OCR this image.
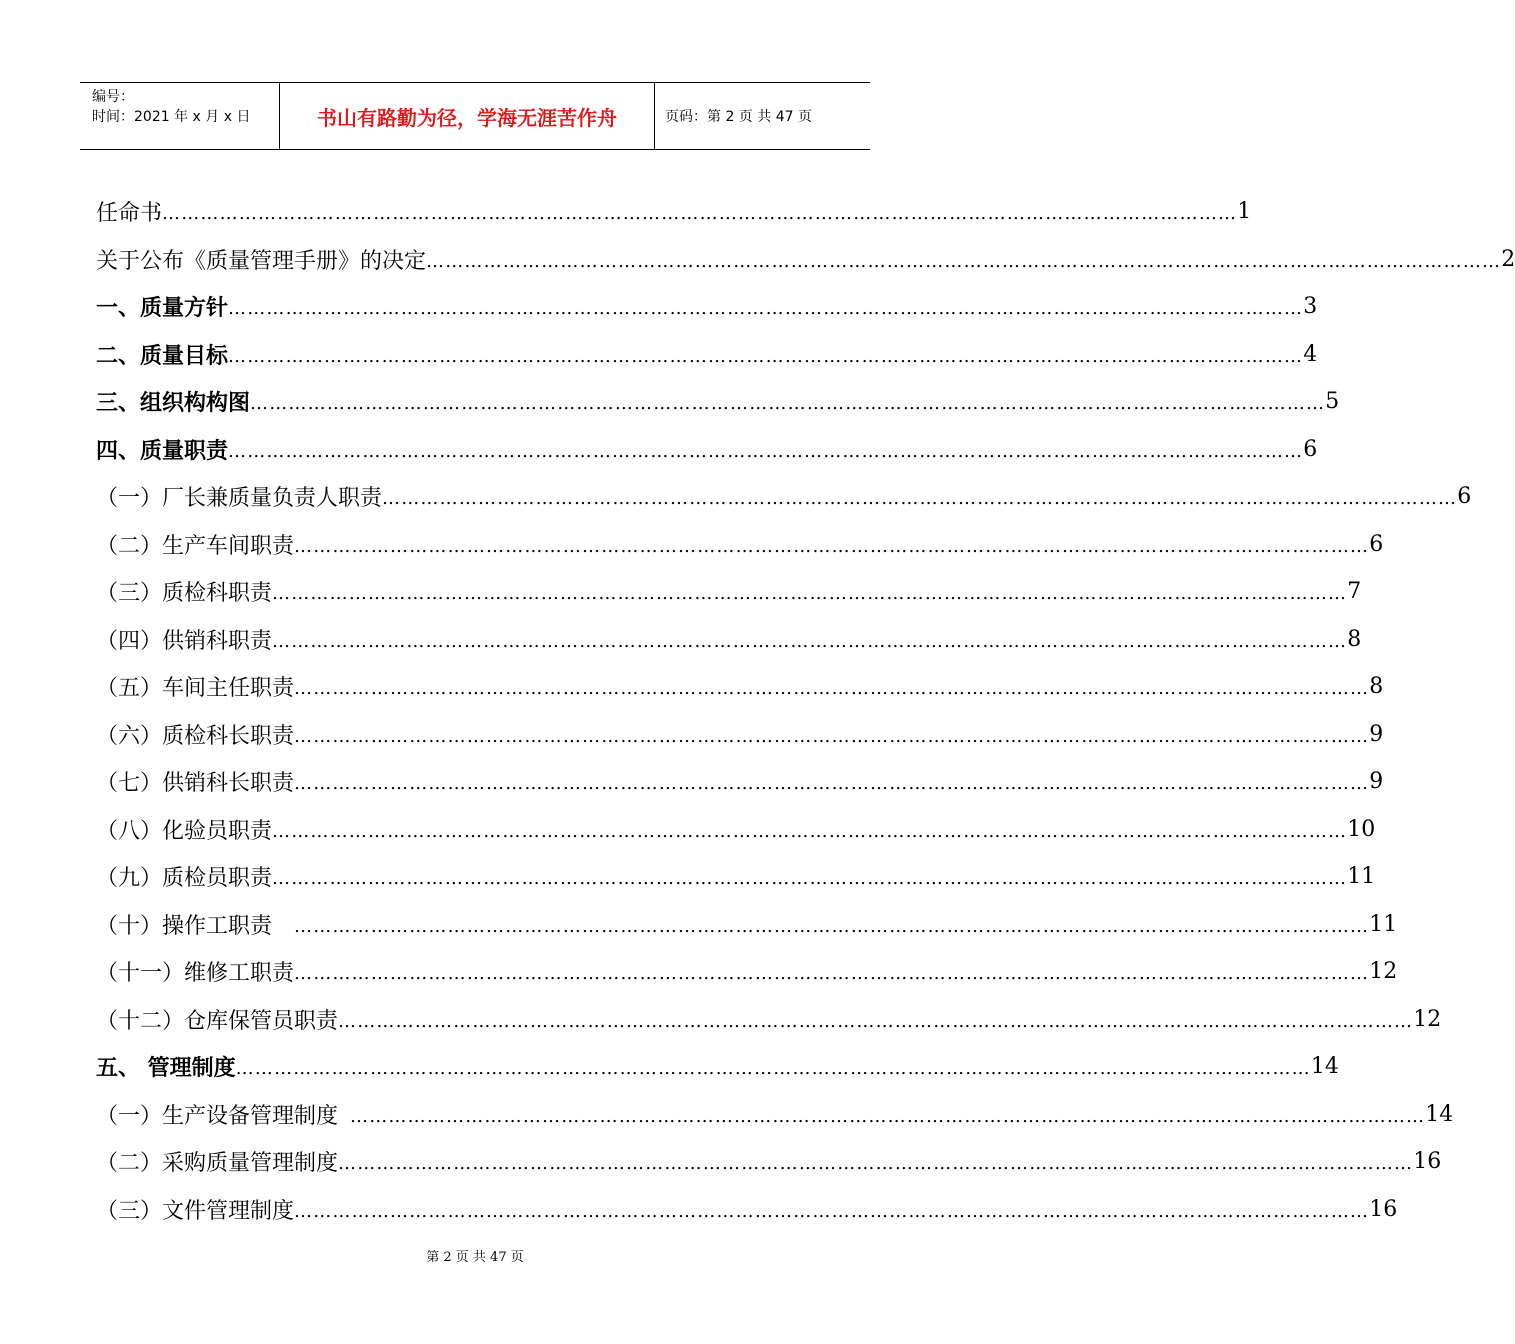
编号：
时间：2021 年 x 月 x 日	书山有路勤为径，学海无涯苦作舟	页码：第 2 页 共 47 页
任命书 …………………………………………………………………………………………………………………………………………………… 1
关于公布《质量管理手册》的决定 …………………………………………………………………………………………………………………………………………………… 2
一、质量方针 …………………………………………………………………………………………………………………………………………………… 3
二、质量目标 …………………………………………………………………………………………………………………………………………………… 4
三、组织构构图 …………………………………………………………………………………………………………………………………………………… 5
四、质量职责 …………………………………………………………………………………………………………………………………………………… 6
（一）厂长兼质量负责人职责 …………………………………………………………………………………………………………………………………………………… 6
（二）生产车间职责 …………………………………………………………………………………………………………………………………………………… 6
（三）质检科职责 …………………………………………………………………………………………………………………………………………………… 7
（四）供销科职责 …………………………………………………………………………………………………………………………………………………… 8
（五）车间主任职责 …………………………………………………………………………………………………………………………………………………… 8
（六）质检科长职责 …………………………………………………………………………………………………………………………………………………… 9
（七）供销科长职责 …………………………………………………………………………………………………………………………………………………… 9
（八）化验员职责 …………………………………………………………………………………………………………………………………………………… 10
（九）质检员职责 …………………………………………………………………………………………………………………………………………………… 11
（十）操作工职责 …………………………………………………………………………………………………………………………………………………… 11
（十一）维修工职责 …………………………………………………………………………………………………………………………………………………… 12
（十二）仓库保管员职责 …………………………………………………………………………………………………………………………………………………… 12
五、 管理制度 …………………………………………………………………………………………………………………………………………………… 14
（一）生产设备管理制度 …………………………………………………………………………………………………………………………………………………… 14
（二）采购质量管理制度 …………………………………………………………………………………………………………………………………………………… 16
（三）文件管理制度 …………………………………………………………………………………………………………………………………………………… 16
第 2 页 共 47 页
